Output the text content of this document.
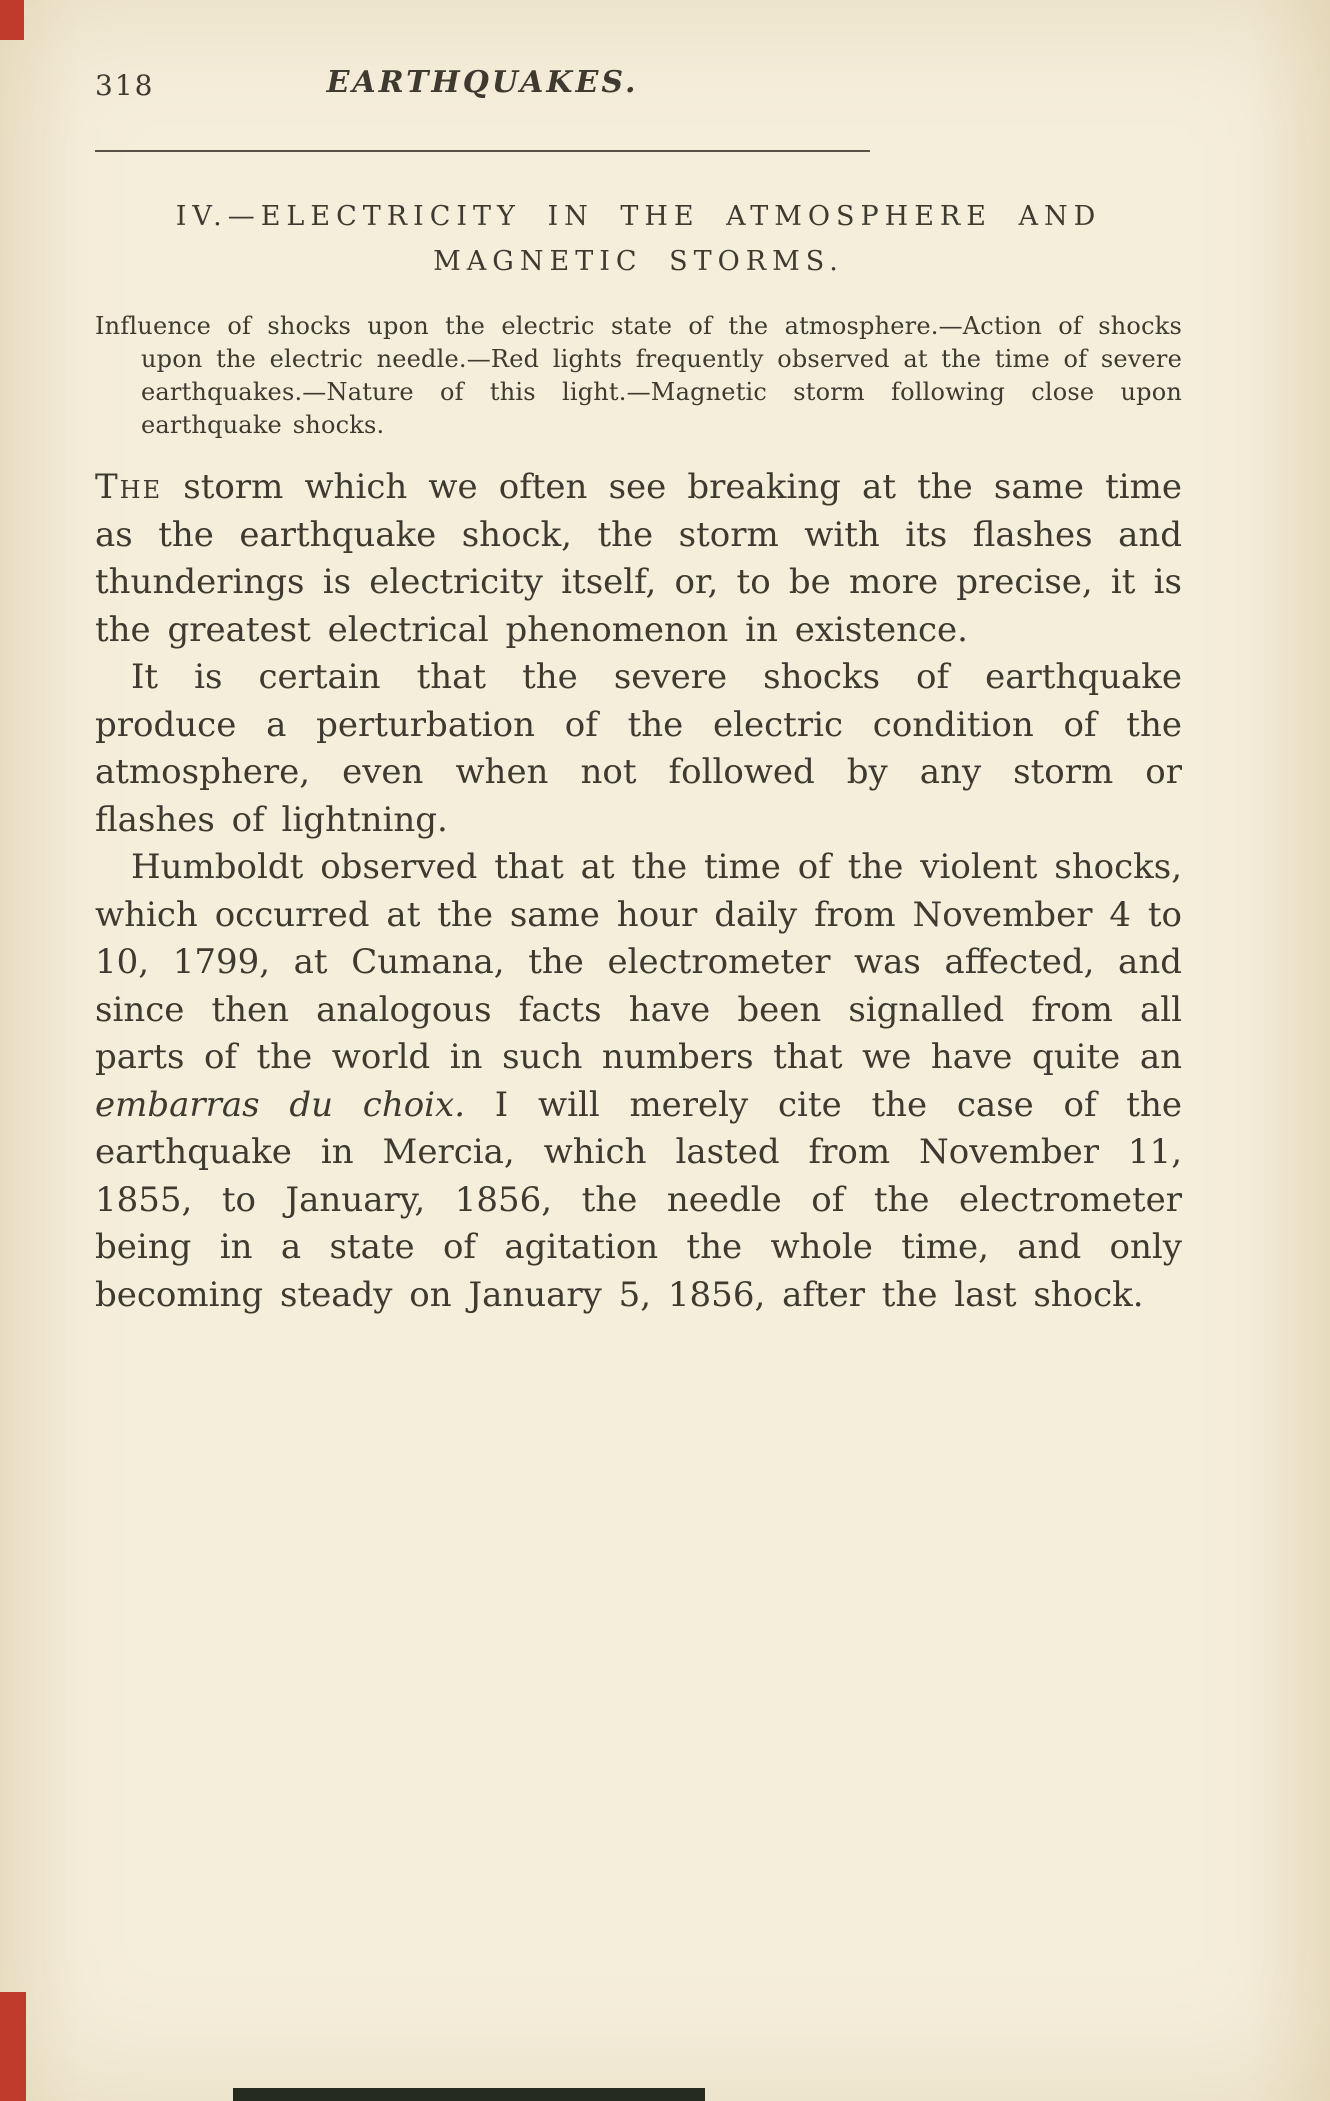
318	EARTHQUAKES.
IV.—ELECTRICITY IN THE ATMOSPHERE AND
MAGNETIC STORMS.

Influence of shocks upon the electric state of the atmosphere.—Action of shocks upon the electric needle.—Red lights frequently observed at the time of severe earthquakes.—Nature of this light.—Magnetic storm following close upon earthquake shocks.

The storm which we often see breaking at the same time as the earthquake shock, the storm with its flashes and thunderings is electricity itself, or, to be more precise, it is the greatest electrical phenomenon in existence.

It is certain that the severe shocks of earthquake produce a perturbation of the electric condition of the atmosphere, even when not followed by any storm or flashes of lightning.

Humboldt observed that at the time of the violent shocks, which occurred at the same hour daily from November 4 to 10, 1799, at Cumana, the electrometer was affected, and since then analogous facts have been signalled from all parts of the world in such numbers that we have quite an embarras du choix. I will merely cite the case of the earthquake in Mercia, which lasted from November 11, 1855, to January, 1856, the needle of the electrometer being in a state of agitation the whole time, and only becoming steady on January 5, 1856, after the last shock.
